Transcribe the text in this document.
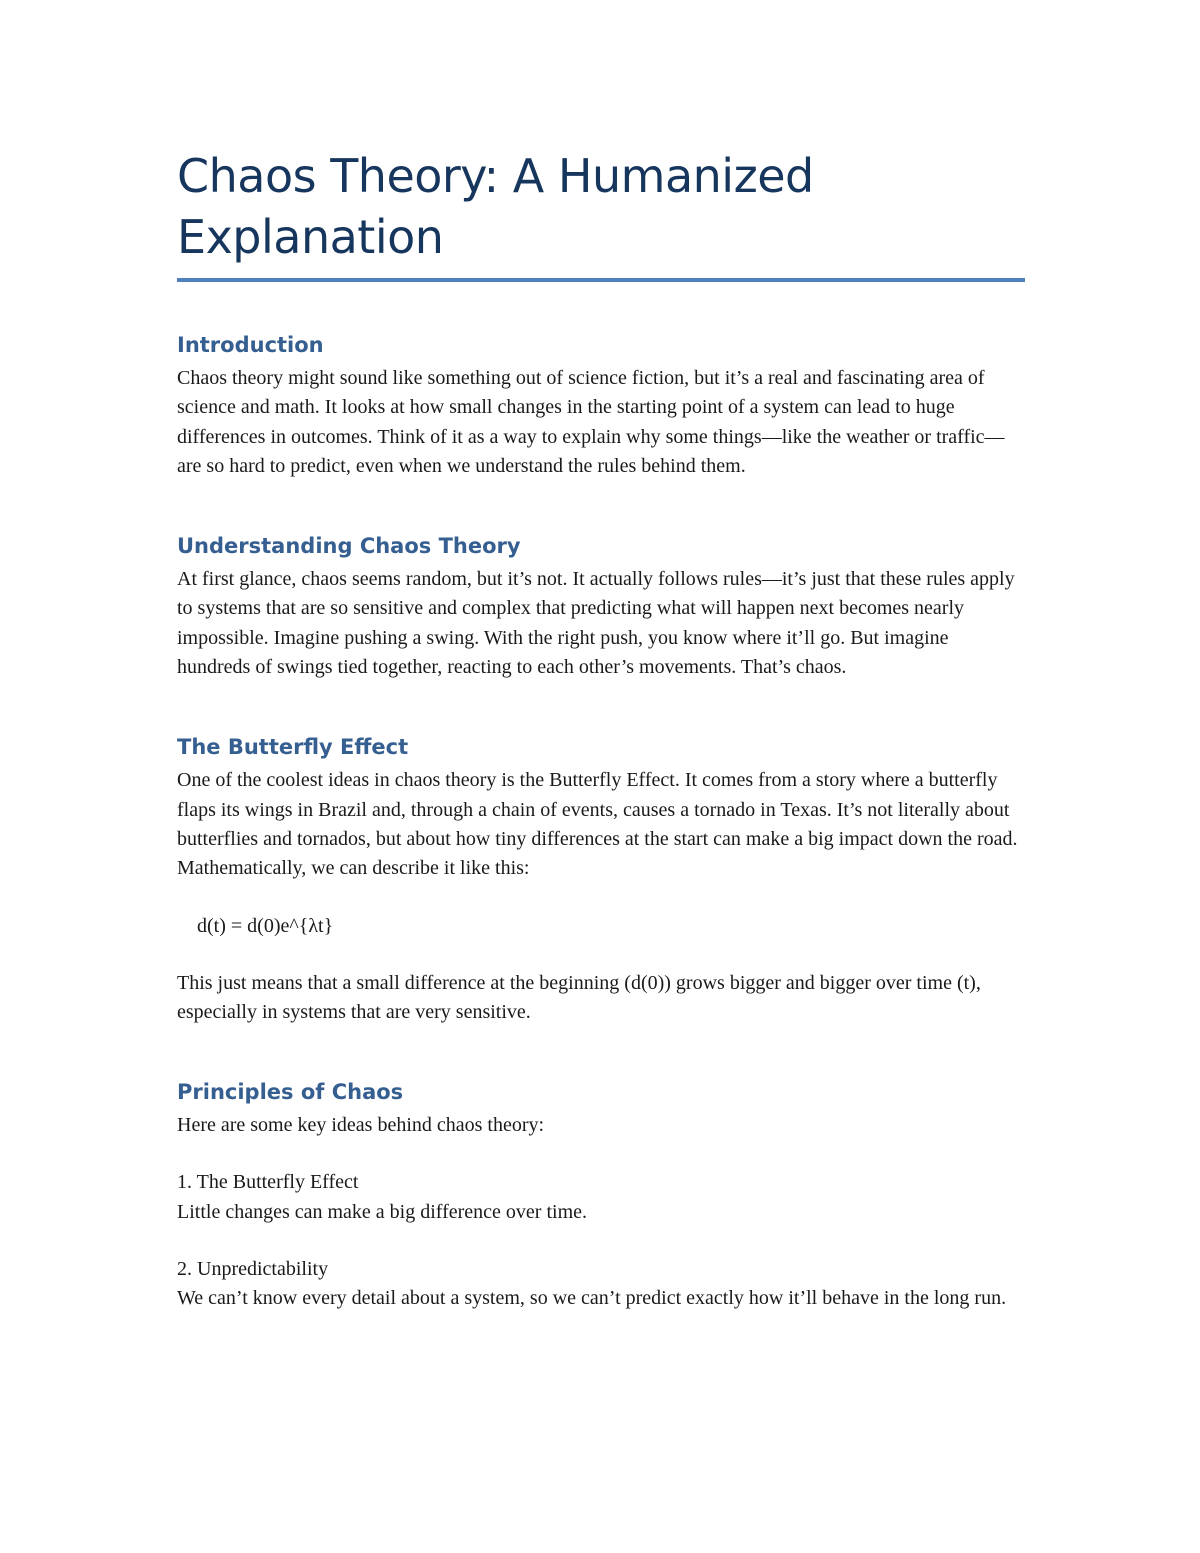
Chaos Theory: A Humanized
Explanation
Introduction

Chaos theory might sound like something out of science fiction, but it’s a real and fascinating area of science and math. It looks at how small changes in the starting point of a system can lead to huge differences in outcomes. Think of it as a way to explain why some things—like the weather or traffic—are so hard to predict, even when we understand the rules behind them.

Understanding Chaos Theory

At first glance, chaos seems random, but it’s not. It actually follows rules—it’s just that these rules apply to systems that are so sensitive and complex that predicting what will happen next becomes nearly impossible. Imagine pushing a swing. With the right push, you know where it’ll go. But imagine hundreds of swings tied together, reacting to each other’s movements. That’s chaos.

The Butterfly Effect

One of the coolest ideas in chaos theory is the Butterfly Effect. It comes from a story where a butterfly flaps its wings in Brazil and, through a chain of events, causes a tornado in Texas. It’s not literally about butterflies and tornados, but about how tiny differences at the start can make a big impact down the road. Mathematically, we can describe it like this:

d(t) = d(0)e^{λt}

This just means that a small difference at the beginning (d(0)) grows bigger and bigger over time (t), especially in systems that are very sensitive.

Principles of Chaos

Here are some key ideas behind chaos theory:

1. The Butterfly Effect
Little changes can make a big difference over time.
2. Unpredictability
We can’t know every detail about a system, so we can’t predict exactly how it’ll behave in the long run.
